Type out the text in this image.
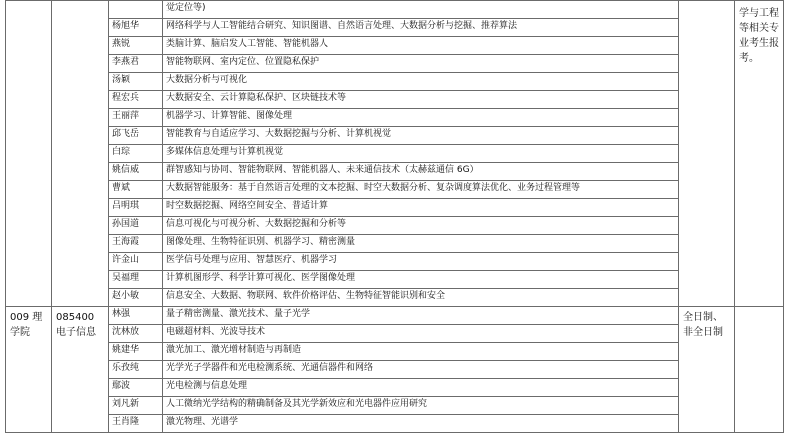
			觉定位等)		学与工程等相关专业考生报考。
		杨旭华	网络科学与人工智能结合研究、知识图谱、自然语言处理、大数据分析与挖掘、推荐算法		
		燕锐	类脑计算、脑启发人工智能、智能机器人		
		李燕君	智能物联网、室内定位、位置隐私保护		
		汤颖	大数据分析与可视化		
		程宏兵	大数据安全、云计算隐私保护、区块链技术等		
		王丽萍	机器学习、计算智能、图像处理		
		邱飞岳	智能教育与自适应学习、大数据挖掘与分析、计算机视觉		
		白琮	多媒体信息处理与计算机视觉		
		姚信威	群智感知与协同、智能物联网、智能机器人、未来通信技术（太赫兹通信 6G）		
		曹斌	大数据智能服务：基于自然语言处理的文本挖掘、时空大数据分析、复杂调度算法优化、业务过程管理等		
		吕明琪	时空数据挖掘、网络空间安全、普适计算		
		孙国道	信息可视化与可视分析、大数据挖掘和分析等		
		王海霞	图像处理、生物特征识别、机器学习、精密测量		
		许金山	医学信号处理与应用、智慧医疗、机器学习		
		吴福理	计算机图形学、科学计算可视化、医学图像处理		
		赵小敏	信息安全、大数据、物联网、软件价格评估、生物特征智能识别和安全		
009 理学院	085400 电子信息	林强	量子精密测量、激光技术、量子光学	全日制、非全日制	
		沈林放	电磁超材料、光波导技术		
		姚建华	激光加工、激光增材制造与再制造		
		乐孜纯	光学光子学器件和光电检测系统、光通信器件和网络		
		鄢波	光电检测与信息处理		
		刘凡新	人工微纳光学结构的精确制备及其光学新效应和光电器件应用研究		
		王肖隆	激光物理、光谱学		
